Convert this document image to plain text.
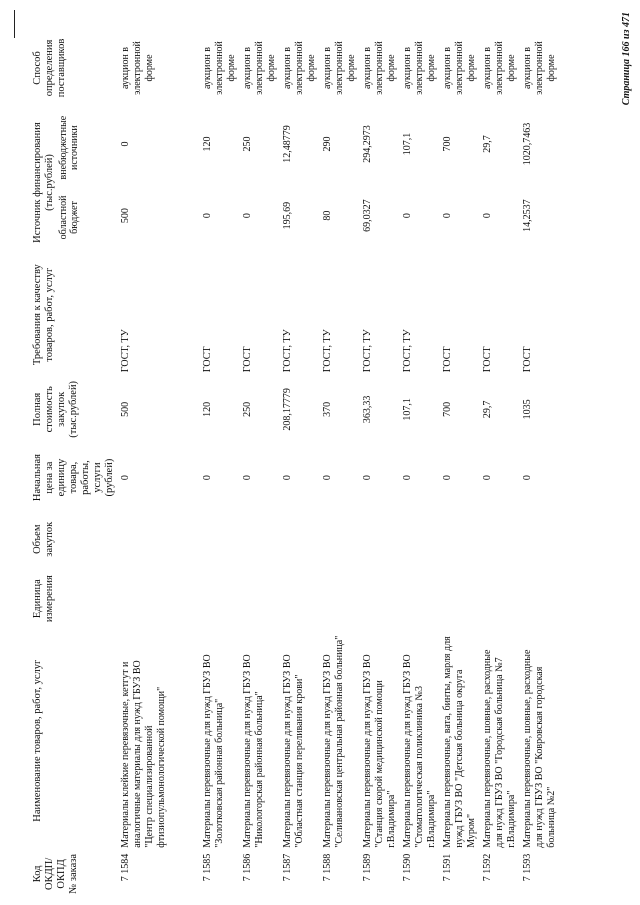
Код ОКДП/ ОКПД № заказа	Наименование товаров, работ, услуг	Единица измерения	Объем закупок	Начальная цена за единицу товара, работы, услуги (рублей)	Полная стоимость закупок (тыс.рублей)	Требования к качеству товаров, работ, услуг	Источник финансирования (тыс.рублей)
областной бюджет внебюджетные источники		Способ определения поставщиков
7 1584	Материалы клейкие перевязочные, кетгут и аналогичные материалы для нужд ГБУЗ ВО "Центр специализированной фтизиопульмонологической помощи"			0	500	ГОСТ, ТУ	500	0	аукцион в электронной форме
7 1585	Материалы перевязочные для нужд ГБУЗ ВО "Золотковская районная больница"			0	120	ГОСТ	0	120	аукцион в электронной форме
7 1586	Материалы перевязочные для нужд ГБУЗ ВО "Никологорская районная больница"			0	250	ГОСТ	0	250	аукцион в электронной форме
7 1587	Материалы перевязочные для нужд ГБУЗ ВО "Областная станция переливания крови"			0	208,17779	ГОСТ, ТУ	195,69	12,48779	аукцион в электронной форме
7 1588	Материалы перевязочные для нужд ГБУЗ ВО "Селивановская центральная районная больница"			0	370	ГОСТ, ТУ	80	290	аукцион в электронной форме
7 1589	Материалы перевязочные для нужд ГБУЗ ВО "Станция скорой медицинской помощи г.Владимира"			0	363,33	ГОСТ, ТУ	69,0327	294,2973	аукцион в электронной форме
7 1590	Материалы перевязочные для нужд ГБУЗ ВО "Стоматологическая поликлиника №3 г.Владимира"			0	107,1	ГОСТ, ТУ	0	107,1	аукцион в электронной форме
7 1591	Материалы перевязочные, вата, бинты, марля для нужд ГБУЗ ВО "Детская больница округа Муром"			0	700	ГОСТ	0	700	аукцион в электронной форме
7 1592	Материалы перевязочные, шовные, расходные для нужд ГБУЗ ВО "Городская больница №7 г.Владимира"			0	29,7	ГОСТ	0	29,7	аукцион в электронной форме
7 1593	Материалы перевязочные, шовные, расходные для нужд ГБУЗ ВО "Ковровская городская больница №2"			0	1035	ГОСТ	14,2537	1020,7463	аукцион в электронной форме	Страница 166 из 471
